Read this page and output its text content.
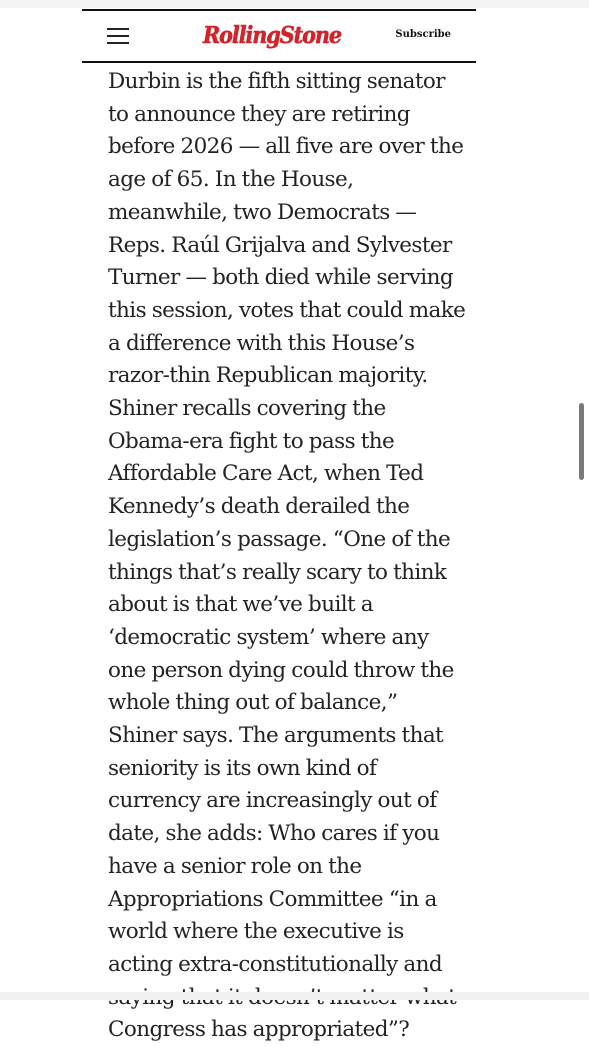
RollingStone	Subscribe

Durbin is the fifth sitting senator to announce they are retiring before 2026 — all five are over the age of 65. In the House, meanwhile, two Democrats — Reps. Raúl Grijalva and Sylvester Turner — both died while serving this session, votes that could make a difference with this House’s razor-thin Republican majority. Shiner recalls covering the Obama-era fight to pass the Affordable Care Act, when Ted Kennedy’s death derailed the legislation’s passage. “One of the things that’s really scary to think about is that we’ve built a ‘democratic system’ where any one person dying could throw the whole thing out of balance,” Shiner says. The arguments that seniority is its own kind of currency are increasingly out of date, she adds: Who cares if you have a senior role on the Appropriations Committee “in a world where the executive is acting extra-constitutionally and Congress has appropriated”?
